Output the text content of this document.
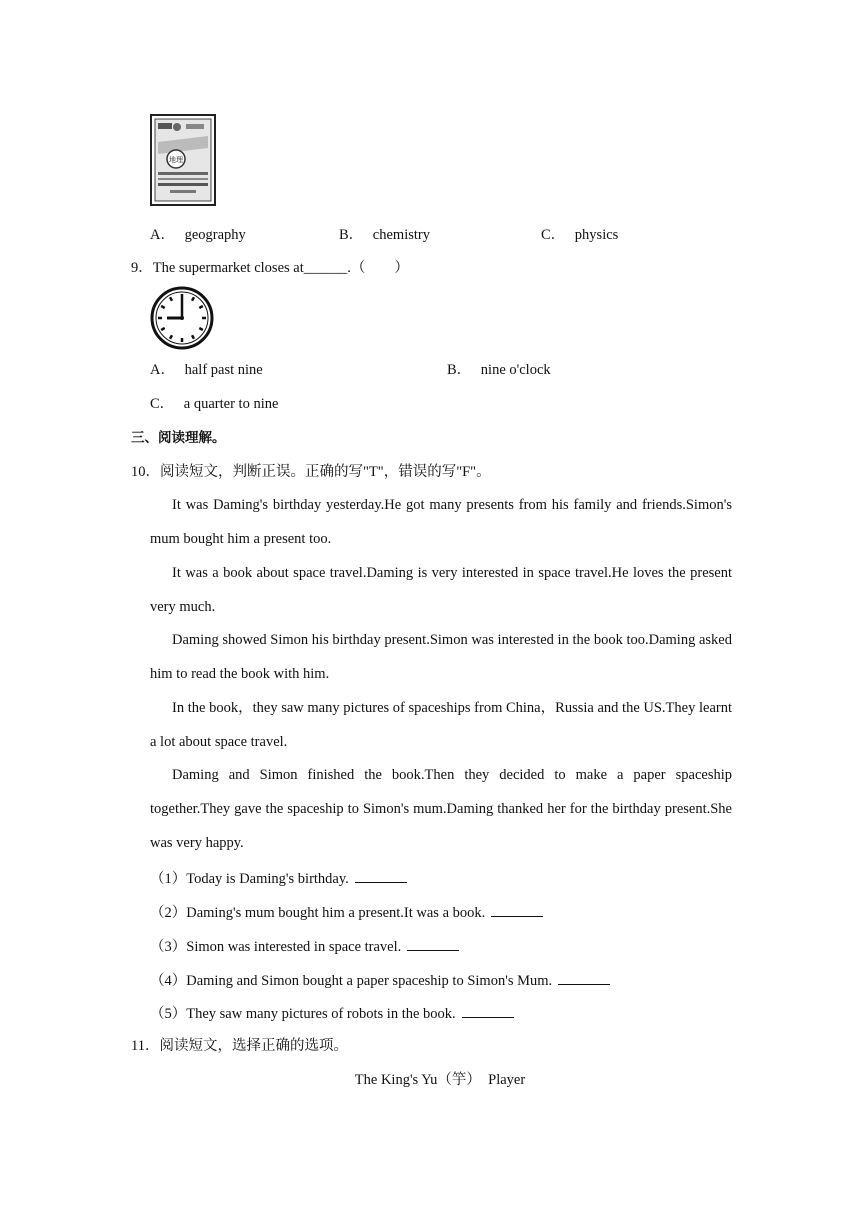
地理
A． geography	B． chemistry	C． physics
9．The supermarket closes at______.（　　）
A． half past nine	B． nine o'clock
C． a quarter to nine
三、阅读理解。
10．阅读短文，判断正误。正确的写"T"，错误的写"F"。
It was Daming's birthday yesterday.He got many presents from his family and friends.Simon's mum bought him a present too.
It was a book about space travel.Daming is very interested in space travel.He loves the present very much.
Daming showed Simon his birthday present.Simon was interested in the book too.Daming asked him to read the book with him.
In the book，they saw many pictures of spaceships from China，Russia and the US.They learnt a lot about space travel.
Daming and Simon finished the book.Then they decided to make a paper spaceship together.They gave the spaceship to Simon's mum.Daming thanked her for the birthday present.She was very happy.
（1）Today is Daming's birthday.
（2）Daming's mum bought him a present.It was a book.
（3）Simon was interested in space travel.
（4）Daming and Simon bought a paper spaceship to Simon's Mum.
（5）They saw many pictures of robots in the book.
11．阅读短文，选择正确的选项。
The King's Yu（竽）　Player
